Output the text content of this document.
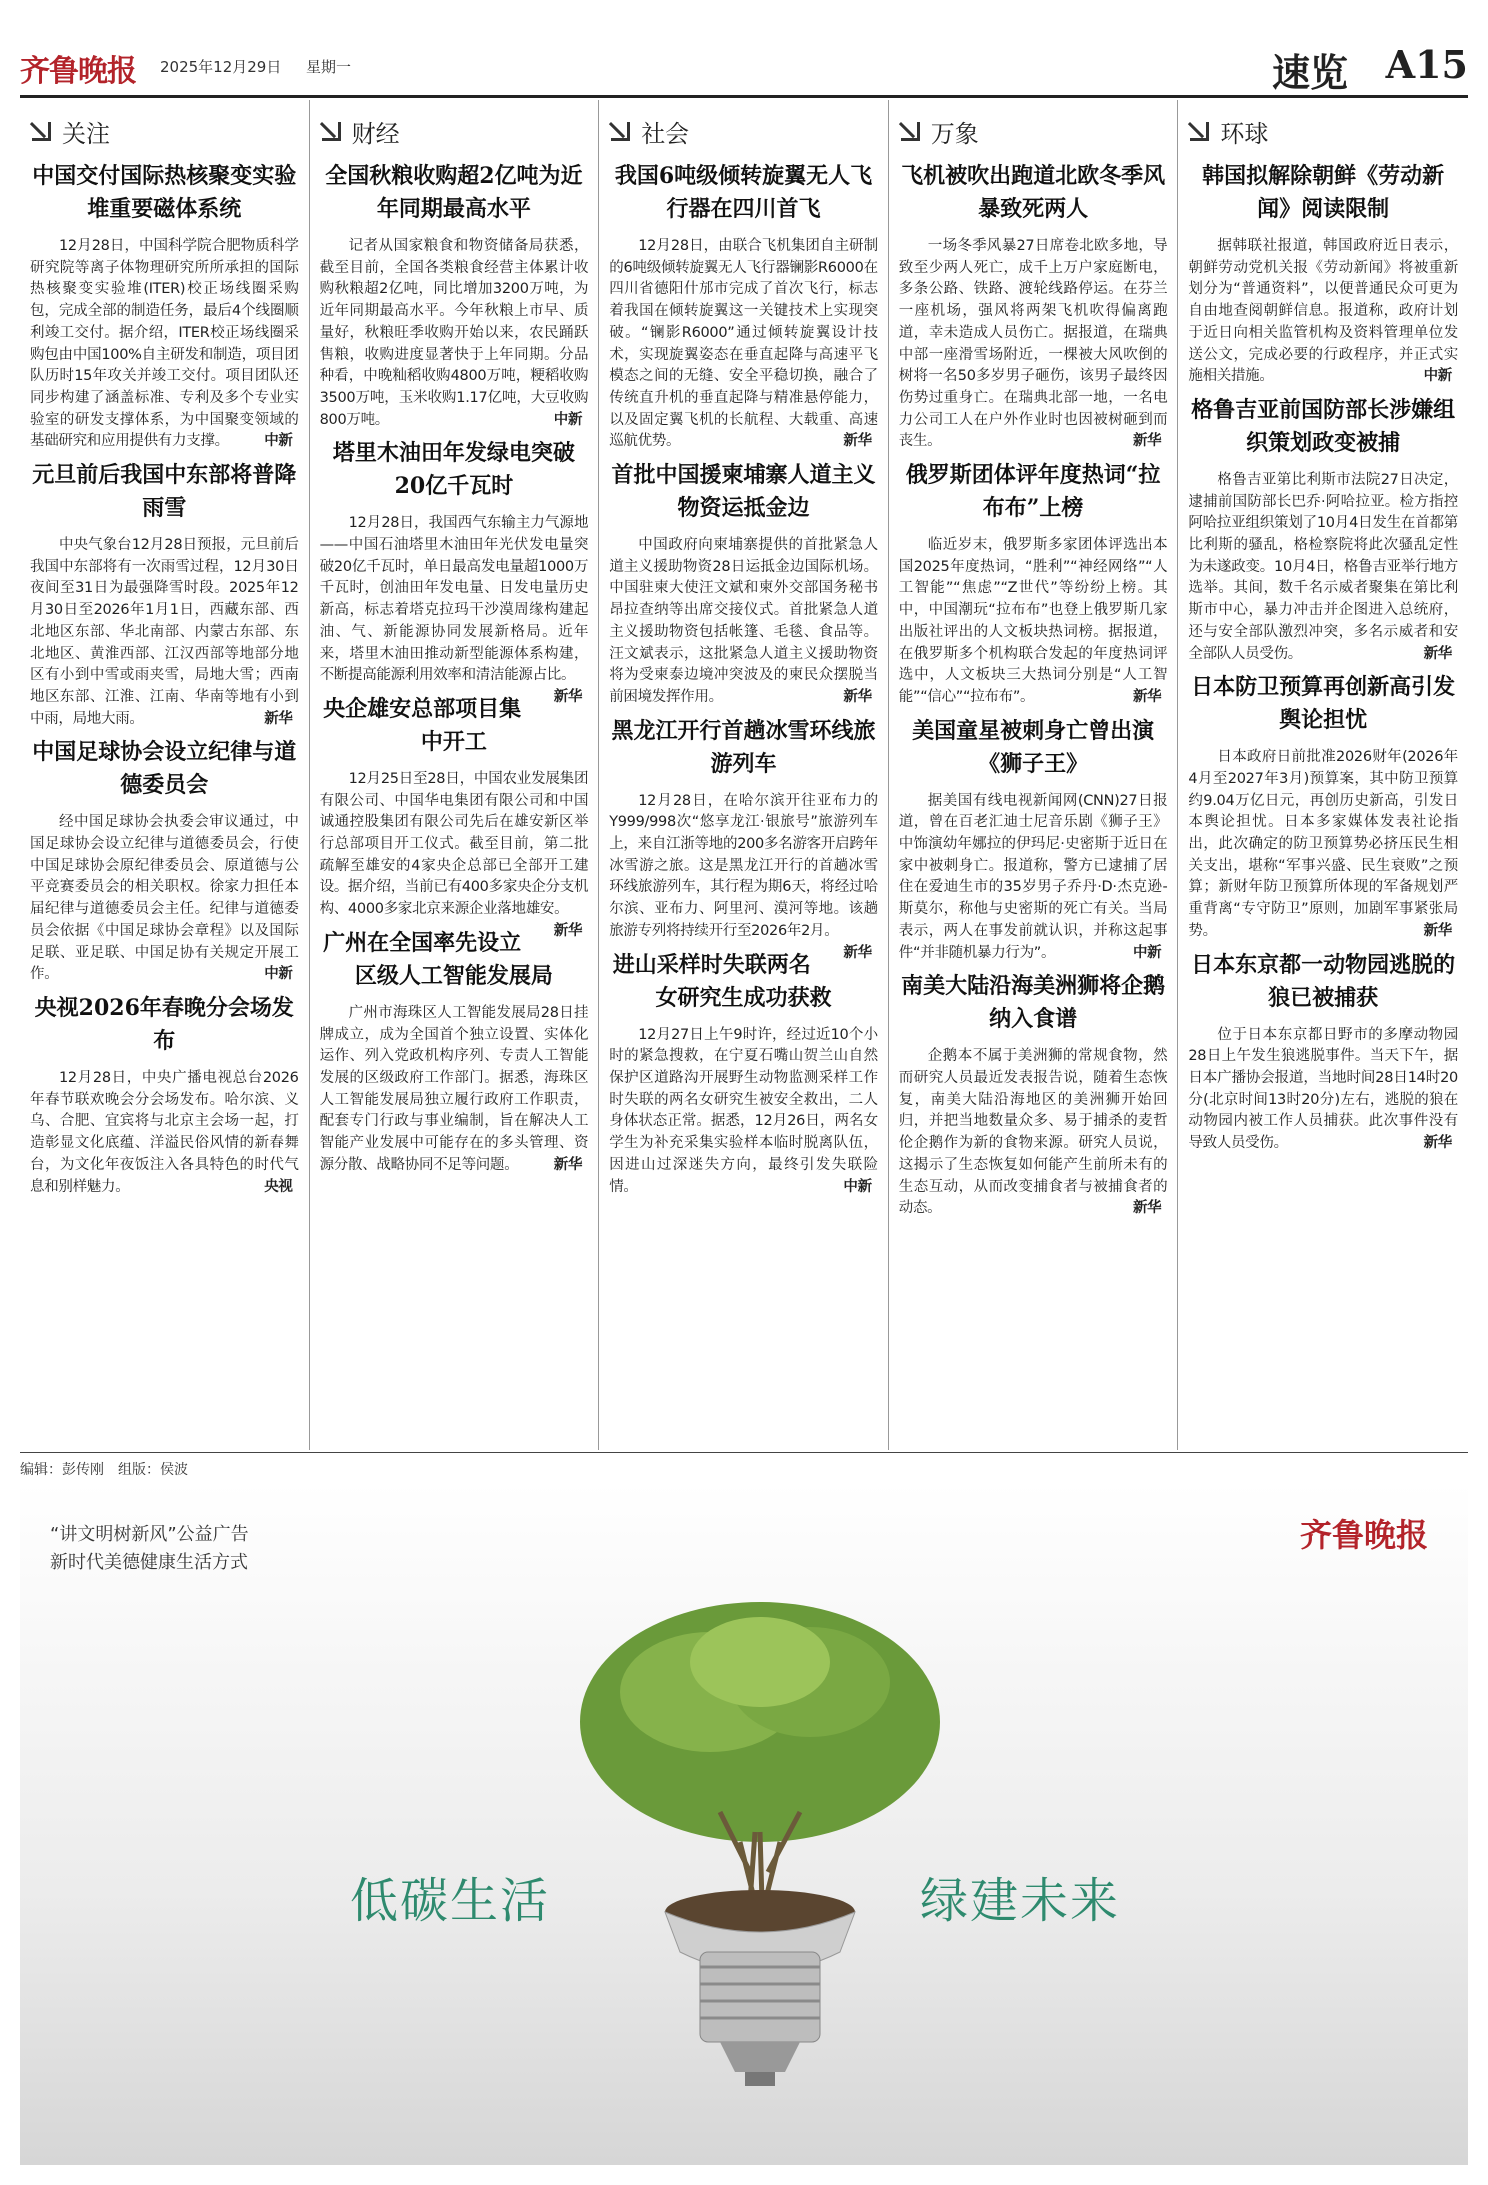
齐鲁晚报 2025年12月29日 星期一	速览 A15
关注
中国交付国际热核聚变实验堆重要磁体系统
12月28日，中国科学院合肥物质科学研究院等离子体物理研究所所承担的国际热核聚变实验堆(ITER)校正场线圈采购包，完成全部的制造任务，最后4个线圈顺利竣工交付。据介绍，ITER校正场线圈采购包由中国100%自主研发和制造，项目团队历时15年攻关并竣工交付。项目团队还同步构建了涵盖标准、专利及多个专业实验室的研发支撑体系，为中国聚变领域的基础研究和应用提供有力支撑。	中新
元旦前后我国中东部将普降雨雪
中央气象台12月28日预报，元旦前后我国中东部将有一次雨雪过程，12月30日夜间至31日为最强降雪时段。2025年12月30日至2026年1月1日，西藏东部、西北地区东部、华北南部、内蒙古东部、东北地区、黄淮西部、江汉西部等地部分地区有小到中雪或雨夹雪，局地大雪；西南地区东部、江淮、江南、华南等地有小到中雨，局地大雨。	新华
中国足球协会设立纪律与道德委员会
经中国足球协会执委会审议通过，中国足球协会设立纪律与道德委员会，行使中国足球协会原纪律委员会、原道德与公平竞赛委员会的相关职权。徐家力担任本届纪律与道德委员会主任。纪律与道德委员会依据《中国足球协会章程》以及国际足联、亚足联、中国足协有关规定开展工作。	中新
央视2026年春晚分会场发布
12月28日，中央广播电视总台2026年春节联欢晚会分会场发布。哈尔滨、义乌、合肥、宜宾将与北京主会场一起，打造彰显文化底蕴、洋溢民俗风情的新春舞台，为文化年夜饭注入各具特色的时代气息和别样魅力。	央视
财经
全国秋粮收购超2亿吨为近年同期最高水平
记者从国家粮食和物资储备局获悉，截至目前，全国各类粮食经营主体累计收购秋粮超2亿吨，同比增加3200万吨，为近年同期最高水平。今年秋粮上市早、质量好，秋粮旺季收购开始以来，农民踊跃售粮，收购进度显著快于上年同期。分品种看，中晚籼稻收购4800万吨，粳稻收购3500万吨，玉米收购1.17亿吨，大豆收购800万吨。	中新
塔里木油田年发绿电突破20亿千瓦时
12月28日，我国西气东输主力气源地——中国石油塔里木油田年光伏发电量突破20亿千瓦时，单日最高发电量超1000万千瓦时，创油田年发电量、日发电量历史新高，标志着塔克拉玛干沙漠周缘构建起油、气、新能源协同发展新格局。近年来，塔里木油田推动新型能源体系构建，不断提高能源利用效率和清洁能源占比。
新华
央企雄安总部项目集中开工
12月25日至28日，中国农业发展集团有限公司、中国华电集团有限公司和中国诚通控股集团有限公司先后在雄安新区举行总部项目开工仪式。截至目前，第二批疏解至雄安的4家央企总部已全部开工建设。据介绍，当前已有400多家央企分支机构、4000多家北京来源企业落地雄安。
新华
广州在全国率先设立区级人工智能发展局
广州市海珠区人工智能发展局28日挂牌成立，成为全国首个独立设置、实体化运作、列入党政机构序列、专责人工智能发展的区级政府工作部门。据悉，海珠区人工智能发展局独立履行政府工作职责，配套专门行政与事业编制，旨在解决人工智能产业发展中可能存在的多头管理、资源分散、战略协同不足等问题。	新华
社会
我国6吨级倾转旋翼无人飞行器在四川首飞
12月28日，由联合飞机集团自主研制的6吨级倾转旋翼无人飞行器镧影R6000在四川省德阳什邡市完成了首次飞行，标志着我国在倾转旋翼这一关键技术上实现突破。“镧影R6000”通过倾转旋翼设计技术，实现旋翼姿态在垂直起降与高速平飞模态之间的无缝、安全平稳切换，融合了传统直升机的垂直起降与精准悬停能力，以及固定翼飞机的长航程、大载重、高速巡航优势。	新华
首批中国援柬埔寨人道主义物资运抵金边
中国政府向柬埔寨提供的首批紧急人道主义援助物资28日运抵金边国际机场。中国驻柬大使汪文斌和柬外交部国务秘书昂拉查纳等出席交接仪式。首批紧急人道主义援助物资包括帐篷、毛毯、食品等。汪文斌表示，这批紧急人道主义援助物资将为受柬泰边境冲突波及的柬民众摆脱当前困境发挥作用。	新华
黑龙江开行首趟冰雪环线旅游列车
12月28日，在哈尔滨开往亚布力的Y999/998次“悠享龙江·银旅号”旅游列车上，来自江浙等地的200多名游客开启跨年冰雪游之旅。这是黑龙江开行的首趟冰雪环线旅游列车，其行程为期6天，将经过哈尔滨、亚布力、阿里河、漠河等地。该趟旅游专列将持续开行至2026年2月。
新华
进山采样时失联两名女研究生成功获救
12月27日上午9时许，经过近10个小时的紧急搜救，在宁夏石嘴山贺兰山自然保护区道路沟开展野生动物监测采样工作时失联的两名女研究生被安全救出，二人身体状态正常。据悉，12月26日，两名女学生为补充采集实验样本临时脱离队伍，因进山过深迷失方向，最终引发失联险情。	中新
万象
飞机被吹出跑道北欧冬季风暴致死两人
一场冬季风暴27日席卷北欧多地，导致至少两人死亡，成千上万户家庭断电，多条公路、铁路、渡轮线路停运。在芬兰一座机场，强风将两架飞机吹得偏离跑道，幸未造成人员伤亡。据报道，在瑞典中部一座滑雪场附近，一棵被大风吹倒的树将一名50多岁男子砸伤，该男子最终因伤势过重身亡。在瑞典北部一地，一名电力公司工人在户外作业时也因被树砸到而丧生。	新华
俄罗斯团体评年度热词“拉布布”上榜
临近岁末，俄罗斯多家团体评选出本国2025年度热词，“胜利”“神经网络”“人工智能”“焦虑”“Z世代”等纷纷上榜。其中，中国潮玩“拉布布”也登上俄罗斯几家出版社评出的人文板块热词榜。据报道，在俄罗斯多个机构联合发起的年度热词评选中，人文板块三大热词分别是“人工智能”“信心”“拉布布”。	新华
美国童星被刺身亡曾出演《狮子王》
据美国有线电视新闻网(CNN)27日报道，曾在百老汇迪士尼音乐剧《狮子王》中饰演幼年娜拉的伊玛尼·史密斯于近日在家中被刺身亡。报道称，警方已逮捕了居住在爱迪生市的35岁男子乔丹·D·杰克逊-斯莫尔，称他与史密斯的死亡有关。当局表示，两人在事发前就认识，并称这起事件“并非随机暴力行为”。	中新
南美大陆沿海美洲狮将企鹅纳入食谱
企鹅本不属于美洲狮的常规食物，然而研究人员最近发表报告说，随着生态恢复，南美大陆沿海地区的美洲狮开始回归，并把当地数量众多、易于捕杀的麦哲伦企鹅作为新的食物来源。研究人员说，这揭示了生态恢复如何能产生前所未有的生态互动，从而改变捕食者与被捕食者的动态。	新华
环球
韩国拟解除朝鲜《劳动新闻》阅读限制
据韩联社报道，韩国政府近日表示，朝鲜劳动党机关报《劳动新闻》将被重新划分为“普通资料”，以便普通民众可更为自由地查阅朝鲜信息。报道称，政府计划于近日向相关监管机构及资料管理单位发送公文，完成必要的行政程序，并正式实施相关措施。	中新
格鲁吉亚前国防部长涉嫌组织策划政变被捕
格鲁吉亚第比利斯市法院27日决定，逮捕前国防部长巴乔·阿哈拉亚。检方指控阿哈拉亚组织策划了10月4日发生在首都第比利斯的骚乱，格检察院将此次骚乱定性为未遂政变。10月4日，格鲁吉亚举行地方选举。其间，数千名示威者聚集在第比利斯市中心，暴力冲击并企图进入总统府，还与安全部队激烈冲突，多名示威者和安全部队人员受伤。	新华
日本防卫预算再创新高引发舆论担忧
日本政府日前批准2026财年(2026年4月至2027年3月)预算案，其中防卫预算约9.04万亿日元，再创历史新高，引发日本舆论担忧。日本多家媒体发表社论指出，此次确定的防卫预算势必挤压民生相关支出，堪称“军事兴盛、民生衰败”之预算；新财年防卫预算所体现的军备规划严重背离“专守防卫”原则，加剧军事紧张局势。	新华
日本东京都一动物园逃脱的狼已被捕获
位于日本东京都日野市的多摩动物园28日上午发生狼逃脱事件。当天下午，据日本广播协会报道，当地时间28日14时20分(北京时间13时20分)左右，逃脱的狼在动物园内被工作人员捕获。此次事件没有导致人员受伤。	新华
编辑：彭传刚　组版：侯波
“讲文明树新风”公益广告
新时代美德健康生活方式
齐鲁晚报
低碳生活	绿建未来
